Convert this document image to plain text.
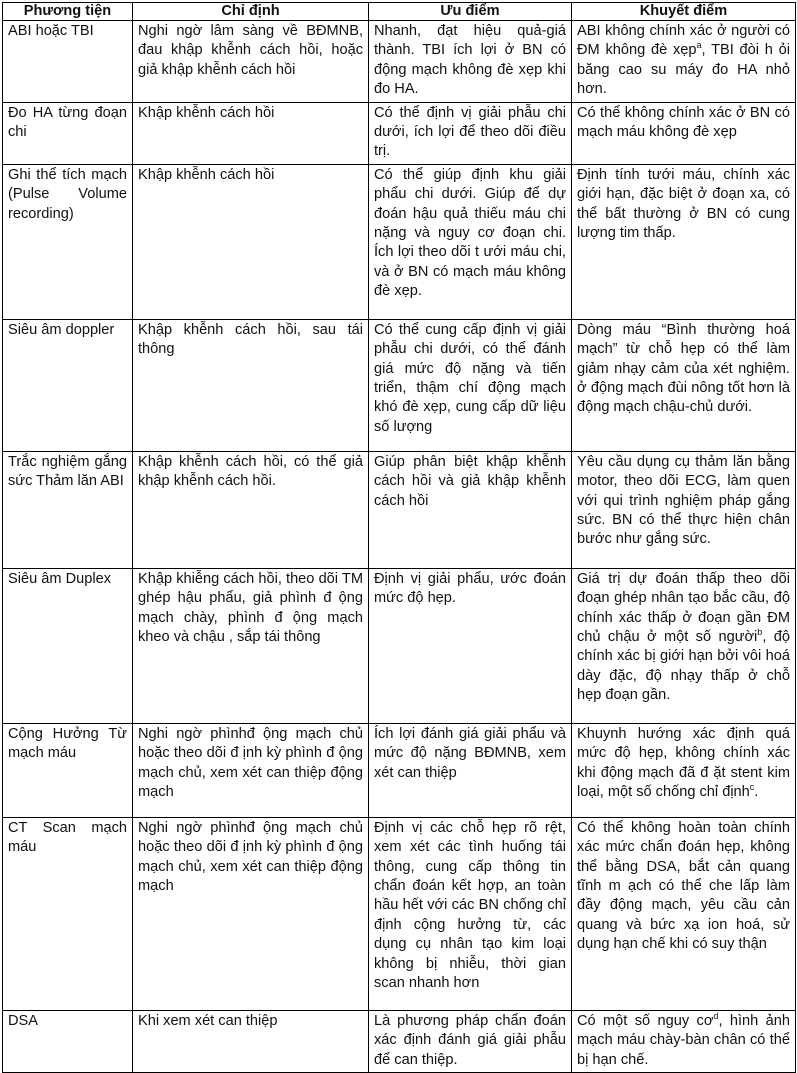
Phương tiện	Chỉ định	Ưu điểm	Khuyết điểm
ABI hoặc TBI	Nghi ngờ lâm sàng về BĐMNB, đau khập khễnh cách hồi, hoặc giả khập khễnh cách hồi	Nhanh, đạt hiệu quả-giá thành. TBI ích lợi ở BN có động mạch không đè xẹp khi đo HA.	ABI không chính xác ở người có ĐM không đè xẹp$^a$, TBI đòi h ỏi băng cao su máy đo HA nhỏ hơn.
Đo HA từng đoạn chi	Khập khễnh cách hồi	Có thể định vị giải phẫu chi dưới, ích lợi để theo dõi điều trị.	Có thể không chính xác ở BN có mạch máu không đè xẹp
Ghi thể tích mạch (Pulse Volume recording)	Khập khễnh cách hồi	Có thể giúp định khu giải phẩu chi dưới. Giúp để dự đoán hậu quả thiếu máu chi nặng và nguy cơ đoạn chi. Ích lợi theo dõi t ưới máu chi, và ở BN có mạch máu không đè xẹp.	Định tính tưới máu, chính xác giới hạn, đặc biệt ở đoạn xa, có thể bất thường ở BN có cung lượng tim thấp.
Siêu âm doppler	Khập khễnh cách hồi, sau tái thông	Có thể cung cấp định vị giải phẫu chi dưới, có thể đánh giá mức độ nặng và tiến triển, thậm chí động mạch khó đè xẹp, cung cấp dữ liệu số lượng	Dòng máu “Bình thường hoá mạch” từ chỗ hẹp có thể làm giảm nhạy cảm của xét nghiệm. ở động mạch đùi nông tốt hơn là động mạch chậu-chủ dưới.
Trắc nghiệm gắng sức Thảm lăn ABI	Khập khễnh cách hồi, có thể giả khập khễnh cách hồi.	Giúp phân biệt khập khễnh cách hồi và giả khập khễnh cách hồi	Yêu cầu dụng cụ thảm lăn bằng motor, theo dõi ECG, làm quen với qui trình nghiệm pháp gắng sức. BN có thể thực hiện chân bước như gắng sức.
Siêu âm Duplex	Khập khiễng cách hồi, theo dõi TM ghép hậu phẩu, giả phình đ ộng mạch chày, phình đ ộng mạch kheo và chậu , sắp tái thông	Định vị giải phẩu, ước đoán mức độ hẹp.	Giá trị dự đoán thấp theo dõi đoạn ghép nhân tạo bắc cầu, độ chính xác thấp ở đoạn gần ĐM chủ chậu ở một số người$^b$, độ chính xác bị giới hạn bởi vôi hoá dày đặc, độ nhạy thấp ở chỗ hẹp đoạn gần.
Cộng Hưởng Từ mạch máu	Nghi ngờ phìnhđ ộng mạch chủ hoặc theo dõi đ ịnh kỳ phình đ ộng mạch chủ, xem xét can thiệp động mạch	Ích lợi đánh giá giải phẩu và mức độ nặng BĐMNB, xem xét can thiệp	Khuynh hướng xác định quá mức độ hẹp, không chính xác khi động mạch đã đ ặt stent kim loại, một số chống chỉ định$^c$.
CT Scan mạch máu	Nghi ngờ phìnhđ ộng mạch chủ hoặc theo dõi đ ịnh kỳ phình đ ộng mạch chủ, xem xét can thiệp động mạch	Định vị các chỗ hẹp rõ rệt, xem xét các tình huống tái thông, cung cấp thông tin chẩn đoán kết hợp, an toàn hầu hết với các BN chống chỉ định cộng hưởng từ, các dụng cụ nhân tạo kim loại không bị nhiễu, thời gian scan nhanh hơn	Có thể không hoàn toàn chính xác mức chẩn đoán hẹp, không thể bằng DSA, bắt cản quang tĩnh m ạch có thể che lấp làm đầy động mạch, yêu cầu cản quang và bức xạ ion hoá, sử dụng hạn chế khi có suy thận
DSA	Khi xem xét can thiệp	Là phương pháp chẩn đoán xác định đánh giá giải phẫu để can thiệp.	Có một số nguy $cơ^d$, hình ảnh mạch máu chày-bàn chân có thể bị hạn chế.
